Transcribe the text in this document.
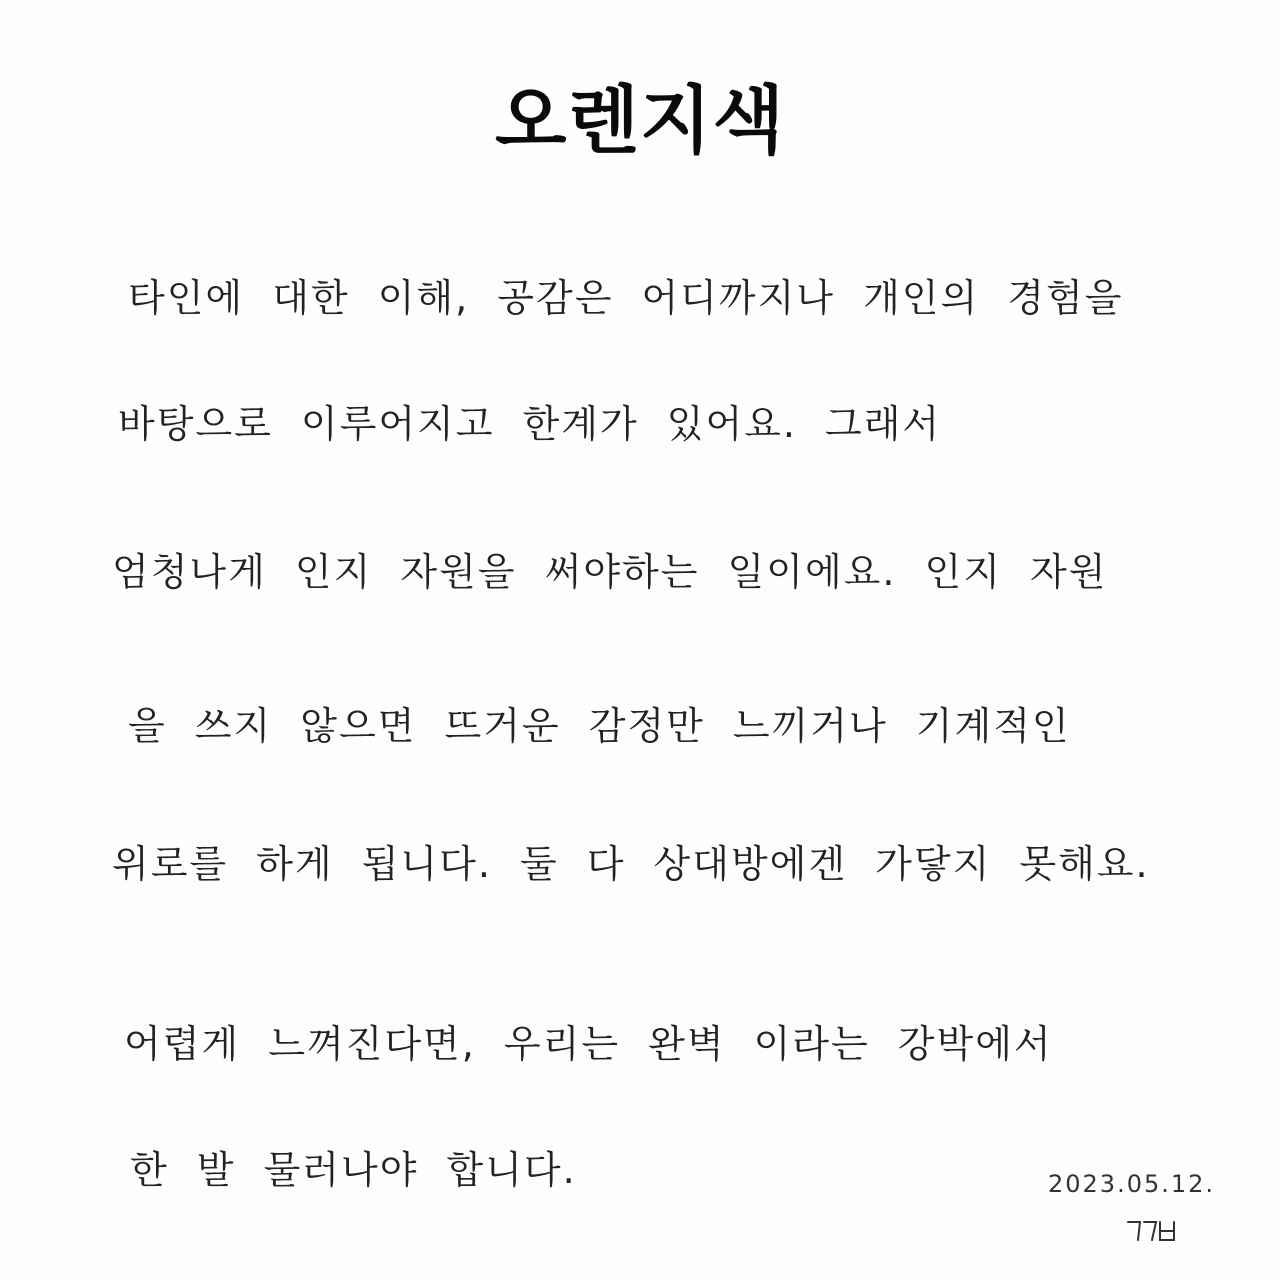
오렌지색
타인에 대한 이해, 공감은 어디까지나 개인의 경험을
바탕으로 이루어지고 한계가 있어요. 그래서
엄청나게 인지 자원을 써야하는 일이에요. 인지 자원
을 쓰지 않으면 뜨거운 감정만 느끼거나 기계적인
위로를 하게 됩니다. 둘 다 상대방에겐 가닿지 못해요.
어렵게 느껴진다면, 우리는 완벽 이라는 강박에서
한 발 물러나야 합니다.	2023.05.12.
